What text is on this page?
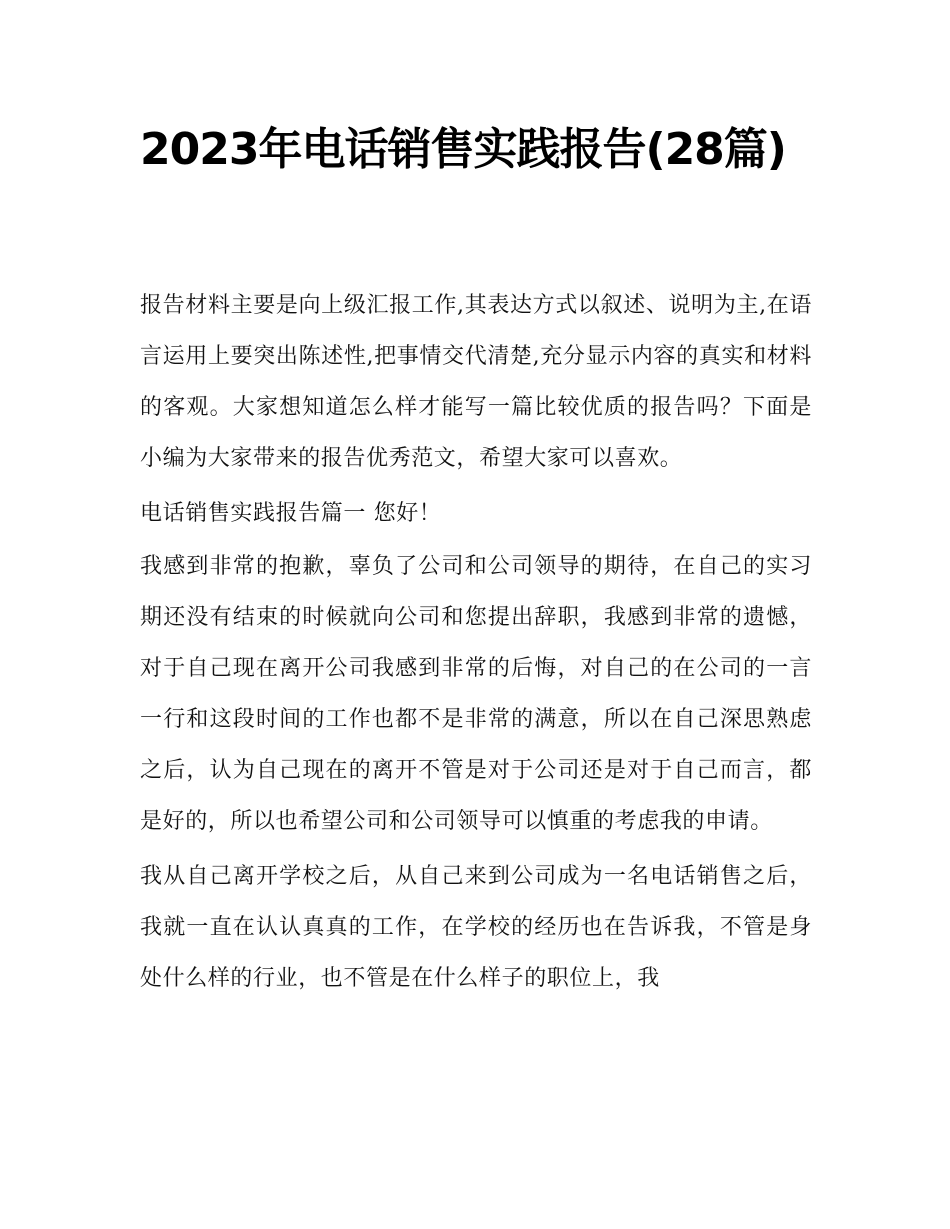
2023年电话销售实践报告(28篇)

报告材料主要是向上级汇报工作,其表达方式以叙述、说明为主,在语言运用上要突出陈述性,把事情交代清楚,充分显示内容的真实和材料的客观。大家想知道怎么样才能写一篇比较优质的报告吗？下面是小编为大家带来的报告优秀范文，希望大家可以喜欢。

电话销售实践报告篇一 您好！

我感到非常的抱歉，辜负了公司和公司领导的期待，在自己的实习期还没有结束的时候就向公司和您提出辞职，我感到非常的遗憾，对于自己现在离开公司我感到非常的后悔，对自己的在公司的一言一行和这段时间的工作也都不是非常的满意，所以在自己深思熟虑之后，认为自己现在的离开不管是对于公司还是对于自己而言，都是好的，所以也希望公司和公司领导可以慎重的考虑我的申请。

我从自己离开学校之后，从自己来到公司成为一名电话销售之后，我就一直在认认真真的工作，在学校的经历也在告诉我，不管是身处什么样的行业，也不管是在什么样子的职位上，我
